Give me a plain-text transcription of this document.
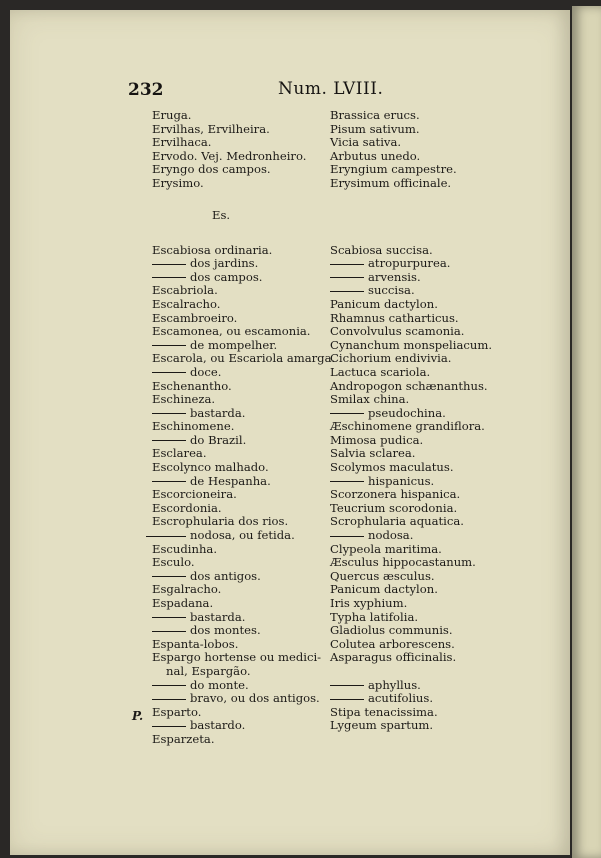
232	Num. LVIII.
Eruga.
Ervilhas, Ervilheira.
Ervilhaca.
Ervodo. Vej. Medronheiro.
Eryngo dos campos.
Erysimo.
Es.
Escabiosa ordinaria.
dos jardins.
dos campos.
Escabriola.
Escalracho.
Escambroeiro.
Escamonea, ou escamonia.
de mompelher.
Escarola, ou Escariola amarga.
doce.
Eschenantho.
Eschineza.
bastarda.
Eschinomene.
do Brazil.
Esclarea.
Escolynco malhado.
de Hespanha.
Escorcioneira.
Escordonia.
Escrophularia dos rios.
nodosa, ou fetida.
Escudinha.
Esculo.
dos antigos.
Esgalracho.
Espadana.
bastarda.
dos montes.
Espanta-lobos.
Espargo hortense ou medici-
nal, Espargão.
do monte.
bravo, ou dos antigos.
Esparto.
bastardo.
Esparzeta.
Brassica erucs.
Pisum sativum.
Vicia sativa.
Arbutus unedo.
Eryngium campestre.
Erysimum officinale.
Scabiosa succisa.
atropurpurea.
arvensis.
succisa.
Panicum dactylon.
Rhamnus catharticus.
Convolvulus scamonia.
Cynanchum monspeliacum.
Cichorium endivivia.
Lactuca scariola.
Andropogon schænanthus.
Smilax china.
pseudochina.
Æschinomene grandiflora.
Mimosa pudica.
Salvia sclarea.
Scolymos maculatus.
hispanicus.
Scorzonera hispanica.
Teucrium scorodonia.
Scrophularia aquatica.
nodosa.
Clypeola maritima.
Æsculus hippocastanum.
Quercus æsculus.
Panicum dactylon.
Iris xyphium.
Typha latifolia.
Gladiolus communis.
Colutea arborescens.
Asparagus officinalis.
aphyllus.
acutifolius.
Stipa tenacissima.
Lygeum spartum.
P.
